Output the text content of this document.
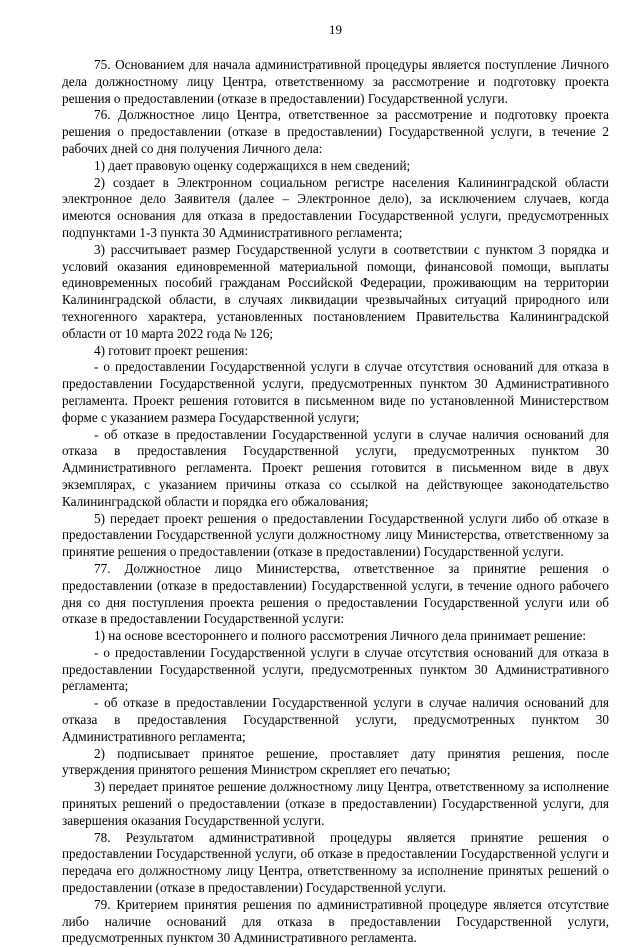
19

75. Основанием для начала административной процедуры является поступление Личного дела должностному лицу Центра, ответственному за рассмотрение и подготовку проекта решения о предоставлении (отказе в предоставлении) Государственной услуги.

76. Должностное лицо Центра, ответственное за рассмотрение и подготовку проекта решения о предоставлении (отказе в предоставлении) Государственной услуги, в течение 2 рабочих дней со дня получения Личного дела:

1) дает правовую оценку содержащихся в нем сведений;

2) создает в Электронном социальном регистре населения Калининградской области электронное дело Заявителя (далее – Электронное дело), за исключением случаев, когда имеются основания для отказа в предоставлении Государственной услуги, предусмотренных подпунктами 1-3 пункта 30 Административного регламента;

3) рассчитывает размер Государственной услуги в соответствии с пунктом 3 порядка и условий оказания единовременной материальной помощи, финансовой помощи, выплаты единовременных пособий гражданам Российской Федерации, проживающим на территории Калининградской области, в случаях ликвидации чрезвычайных ситуаций природного или техногенного характера, установленных постановлением Правительства Калининградской области от 10 марта 2022 года № 126;

4) готовит проект решения:

- о предоставлении Государственной услуги в случае отсутствия оснований для отказа в предоставлении Государственной услуги, предусмотренных пунктом 30 Административного регламента. Проект решения готовится в письменном виде по установленной Министерством форме с указанием размера Государственной услуги;

- об отказе в предоставлении Государственной услуги в случае наличия оснований для отказа в предоставления Государственной услуги, предусмотренных пунктом 30 Административного регламента. Проект решения готовится в письменном виде в двух экземплярах, с указанием причины отказа со ссылкой на действующее законодательство Калининградской области и порядка его обжалования;

5) передает проект решения о предоставлении Государственной услуги либо об отказе в предоставлении Государственной услуги должностному лицу Министерства, ответственному за принятие решения о предоставлении (отказе в предоставлении) Государственной услуги.

77. Должностное лицо Министерства, ответственное за принятие решения о предоставлении (отказе в предоставлении) Государственной услуги, в течение одного рабочего дня со дня поступления проекта решения о предоставлении Государственной услуги или об отказе в предоставлении Государственной услуги:

1) на основе всестороннего и полного рассмотрения Личного дела принимает решение:

- о предоставлении Государственной услуги в случае отсутствия оснований для отказа в предоставлении Государственной услуги, предусмотренных пунктом 30 Административного регламента;

- об отказе в предоставлении Государственной услуги в случае наличия оснований для отказа в предоставления Государственной услуги, предусмотренных пунктом 30 Административного регламента;

2) подписывает принятое решение, проставляет дату принятия решения, после утверждения принятого решения Министром скрепляет его печатью;

3) передает принятое решение должностному лицу Центра, ответственному за исполнение принятых решений о предоставлении (отказе в предоставлении) Государственной услуги, для завершения оказания Государственной услуги.

78. Результатом административной процедуры является принятие решения о предоставлении Государственной услуги, об отказе в предоставлении Государственной услуги и передача его должностному лицу Центра, ответственному за исполнение принятых решений о предоставлении (отказе в предоставлении) Государственной услуги.

79. Критерием принятия решения по административной процедуре является отсутствие либо наличие оснований для отказа в предоставлении Государственной услуги, предусмотренных пунктом 30 Административного регламента.
